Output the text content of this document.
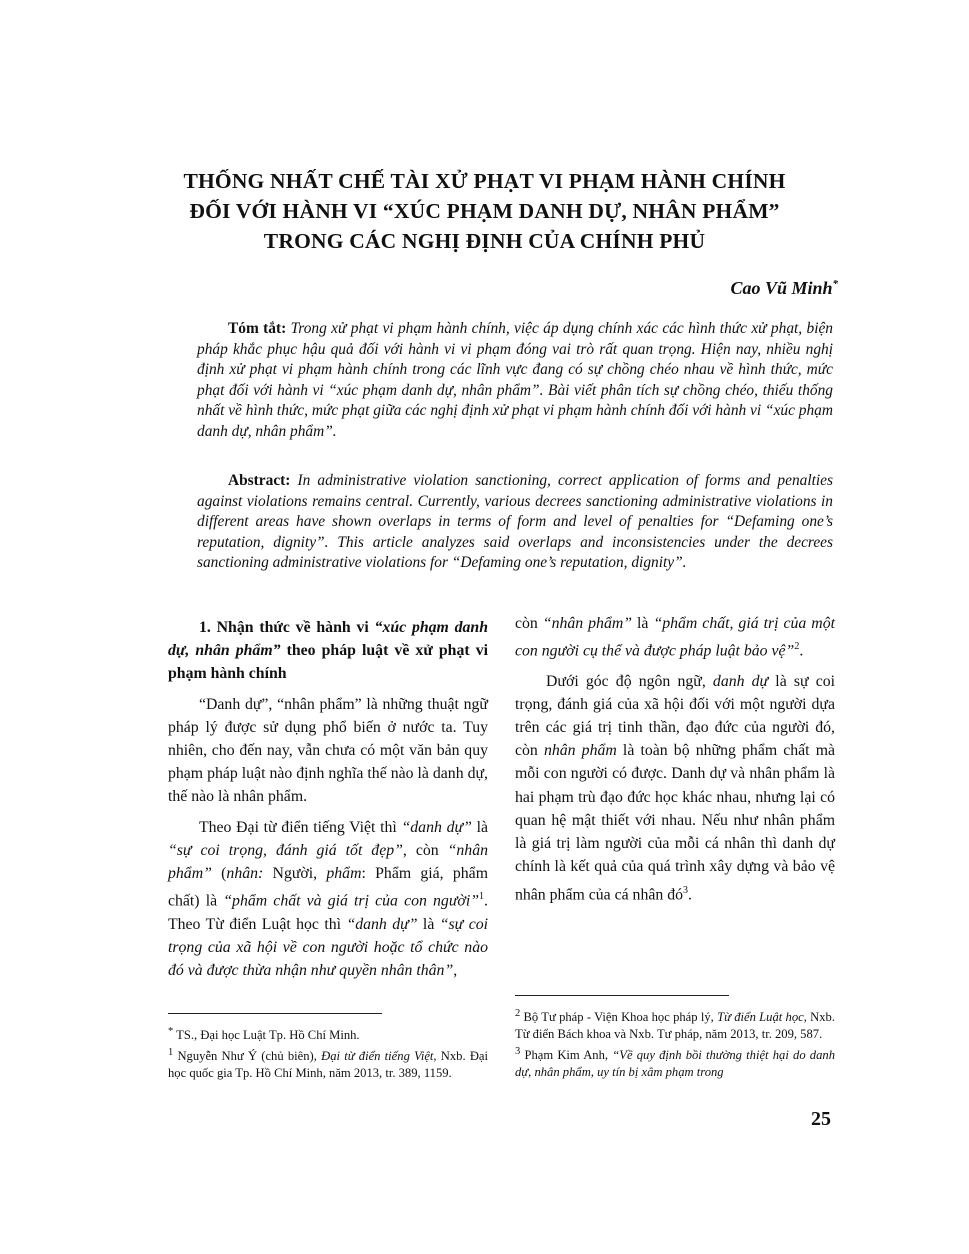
THỐNG NHẤT CHẾ TÀI XỬ PHẠT VI PHẠM HÀNH CHÍNH
ĐỐI VỚI HÀNH VI “XÚC PHẠM DANH DỰ, NHÂN PHẨM”
TRONG CÁC NGHỊ ĐỊNH CỦA CHÍNH PHỦ
Cao Vũ Minh*
Tóm tắt: Trong xử phạt vi phạm hành chính, việc áp dụng chính xác các hình thức xử phạt, biện pháp khắc phục hậu quả đối với hành vi vi phạm đóng vai trò rất quan trọng. Hiện nay, nhiều nghị định xử phạt vi phạm hành chính trong các lĩnh vực đang có sự chồng chéo nhau về hình thức, mức phạt đối với hành vi “xúc phạm danh dự, nhân phẩm”. Bài viết phân tích sự chồng chéo, thiếu thống nhất về hình thức, mức phạt giữa các nghị định xử phạt vi phạm hành chính đối với hành vi “xúc phạm danh dự, nhân phẩm”.
Abstract: In administrative violation sanctioning, correct application of forms and penalties against violations remains central. Currently, various decrees sanctioning administrative violations in different areas have shown overlaps in terms of form and level of penalties for “Defaming one’s reputation, dignity”. This article analyzes said overlaps and inconsistencies under the decrees sanctioning administrative violations for “Defaming one’s reputation, dignity”.

1. Nhận thức về hành vi “xúc phạm danh dự, nhân phẩm” theo pháp luật về xử phạt vi phạm hành chính

“Danh dự”, “nhân phẩm” là những thuật ngữ pháp lý được sử dụng phổ biến ở nước ta. Tuy nhiên, cho đến nay, vẫn chưa có một văn bản quy phạm pháp luật nào định nghĩa thế nào là danh dự, thế nào là nhân phẩm.

Theo Đại từ điển tiếng Việt thì “danh dự” là “sự coi trọng, đánh giá tốt đẹp”, còn “nhân phẩm” (nhân: Người, phẩm: Phẩm giá, phẩm chất) là “phẩm chất và giá trị của con người”$^1$. Theo Từ điển Luật học thì “danh dự” là “sự coi trọng của xã hội về con người hoặc tổ chức nào đó và được thừa nhận như quyền nhân thân”,

còn “nhân phẩm” là “phẩm chất, giá trị của một con người cụ thể và được pháp luật bảo vệ”$^2$.

Dưới góc độ ngôn ngữ, danh dự là sự coi trọng, đánh giá của xã hội đối với một người dựa trên các giá trị tinh thần, đạo đức của người đó, còn nhân phẩm là toàn bộ những phẩm chất mà mỗi con người có được. Danh dự và nhân phẩm là hai phạm trù đạo đức học khác nhau, nhưng lại có quan hệ mật thiết với nhau. Nếu như nhân phẩm là giá trị làm người của mỗi cá nhân thì danh dự chính là kết quả của quá trình xây dựng và bảo vệ nhân phẩm của cá nhân đó$^3$.

* TS., Đại học Luật Tp. Hồ Chí Minh.
$^1$ Nguyễn Như Ý (chủ biên), Đại từ điển tiếng Việt, Nxb. Đại học quốc gia Tp. Hồ Chí Minh, năm 2013, tr. 389, 1159.
$^2$ Bộ Tư pháp - Viện Khoa học pháp lý, Từ điển Luật học, Nxb. Từ điển Bách khoa và Nxb. Tư pháp, năm 2013, tr. 209, 587.
$^3$ Phạm Kim Anh, “Về quy định bồi thường thiệt hại do danh dự, nhân phẩm, uy tín bị xâm phạm trong
25
